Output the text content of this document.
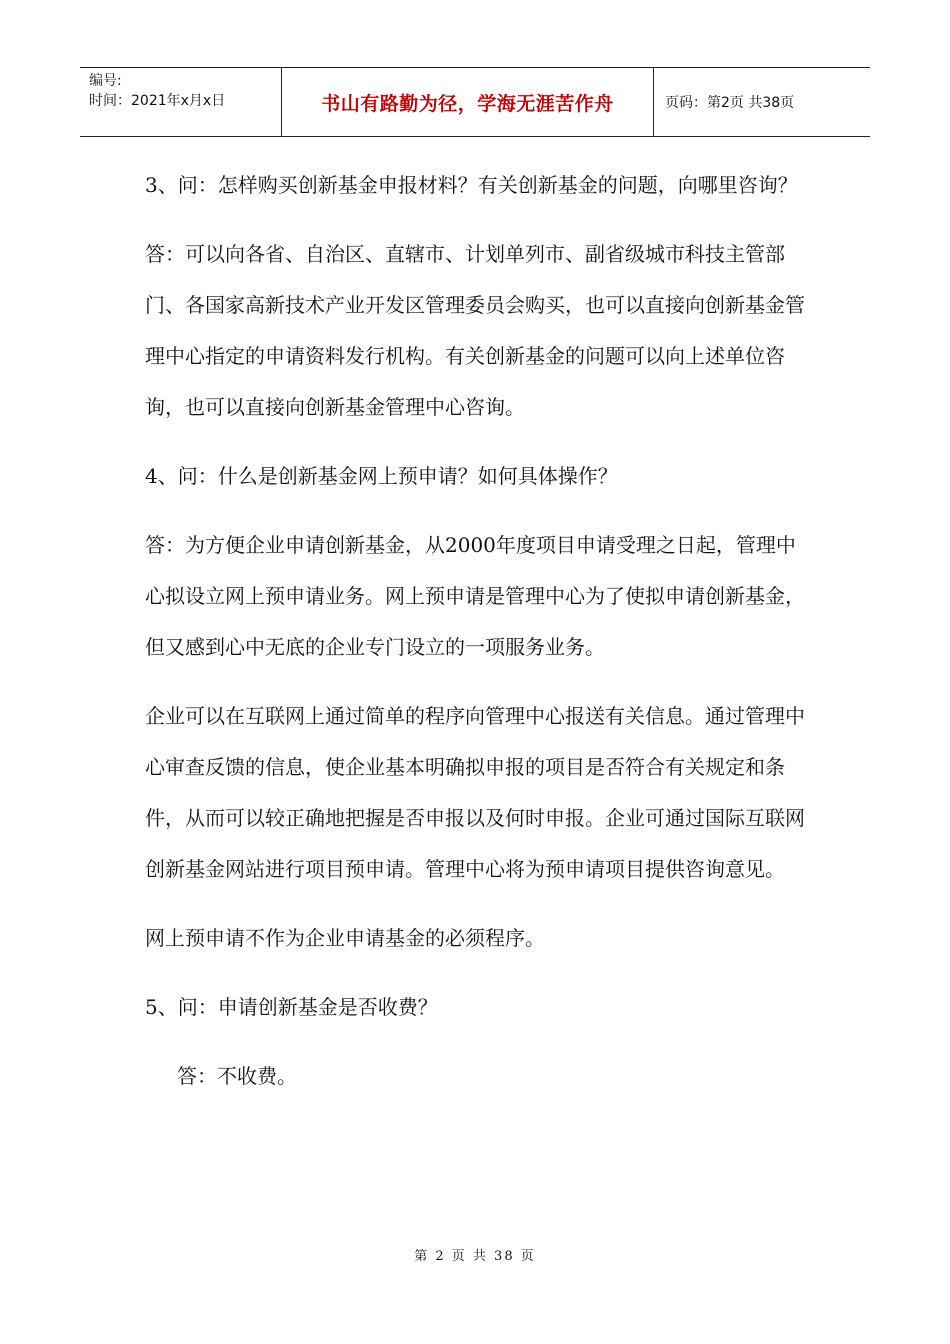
编号:
时间：2021年x月x日	书山有路勤为径，学海无涯苦作舟	页码：第2页 共38页

3、问：怎样购买创新基金申报材料？有关创新基金的问题，向哪里咨询？

答：可以向各省、自治区、直辖市、计划单列市、副省级城市科技主管部门、各国家高新技术产业开发区管理委员会购买，也可以直接向创新基金管理中心指定的申请资料发行机构。有关创新基金的问题可以向上述单位咨询，也可以直接向创新基金管理中心咨询。

4、问：什么是创新基金网上预申请？如何具体操作？

答：为方便企业申请创新基金，从2000年度项目申请受理之日起，管理中心拟设立网上预申请业务。网上预申请是管理中心为了使拟申请创新基金，但又感到心中无底的企业专门设立的一项服务业务。

企业可以在互联网上通过简单的程序向管理中心报送有关信息。通过管理中心审查反馈的信息，使企业基本明确拟申报的项目是否符合有关规定和条件，从而可以较正确地把握是否申报以及何时申报。企业可通过国际互联网创新基金网站进行项目预申请。管理中心将为预申请项目提供咨询意见。

网上预申请不作为企业申请基金的必须程序。

5、问：申请创新基金是否收费？

答：不收费。

第 2 页 共 38 页
